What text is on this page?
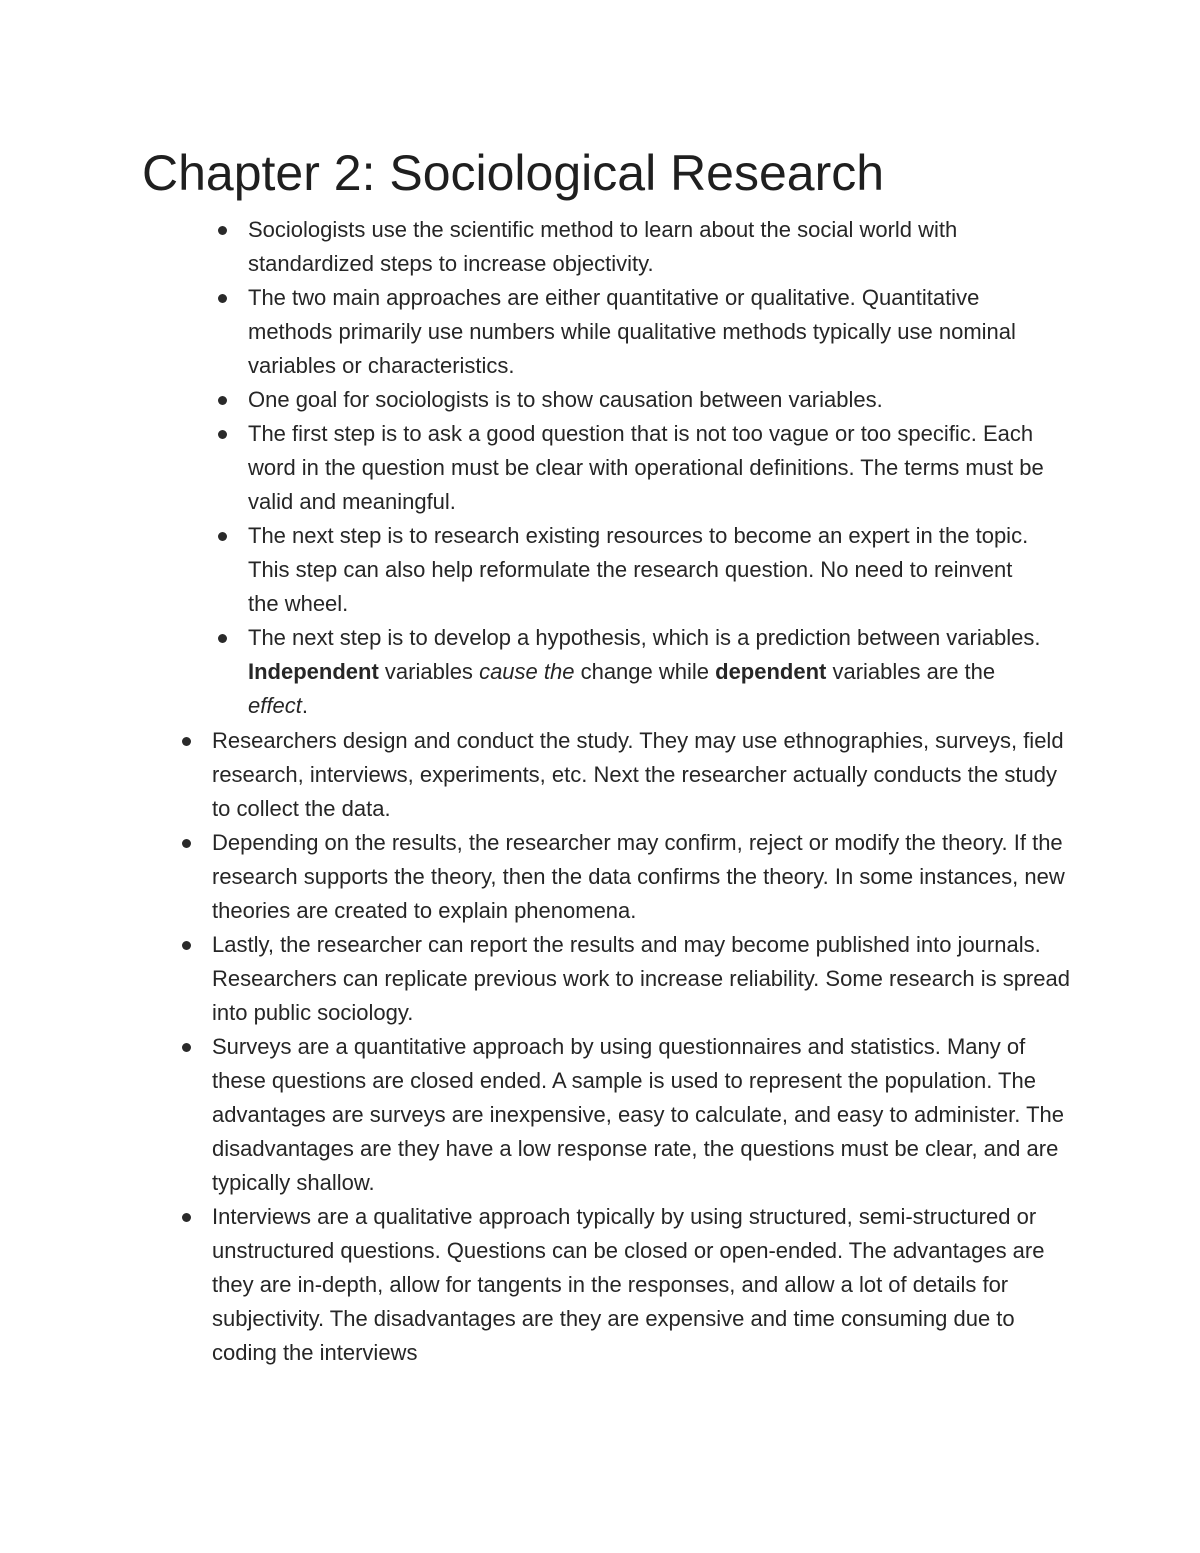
Chapter 2: Sociological Research
Sociologists use the scientific method to learn about the social world with standardized steps to increase objectivity.
The two main approaches are either quantitative or qualitative. Quantitative methods primarily use numbers while qualitative methods typically use nominal variables or characteristics.
One goal for sociologists is to show causation between variables.
The first step is to ask a good question that is not too vague or too specific. Each word in the question must be clear with operational definitions. The terms must be valid and meaningful.
The next step is to research existing resources to become an expert in the topic. This step can also help reformulate the research question. No need to reinvent the wheel.
The next step is to develop a hypothesis, which is a prediction between variables. Independent variables cause the change while dependent variables are the effect.
Researchers design and conduct the study. They may use ethnographies, surveys, field research, interviews, experiments, etc. Next the researcher actually conducts the study to collect the data.
Depending on the results, the researcher may confirm, reject or modify the theory. If the research supports the theory, then the data confirms the theory. In some instances, new theories are created to explain phenomena.
Lastly, the researcher can report the results and may become published into journals. Researchers can replicate previous work to increase reliability. Some research is spread into public sociology.
Surveys are a quantitative approach by using questionnaires and statistics. Many of these questions are closed ended. A sample is used to represent the population. The advantages are surveys are inexpensive, easy to calculate, and easy to administer. The disadvantages are they have a low response rate, the questions must be clear, and are typically shallow.
Interviews are a qualitative approach typically by using structured, semi-structured or unstructured questions. Questions can be closed or open-ended. The advantages are they are in-depth, allow for tangents in the responses, and allow a lot of details for subjectivity. The disadvantages are they are expensive and time consuming due to coding the interviews
